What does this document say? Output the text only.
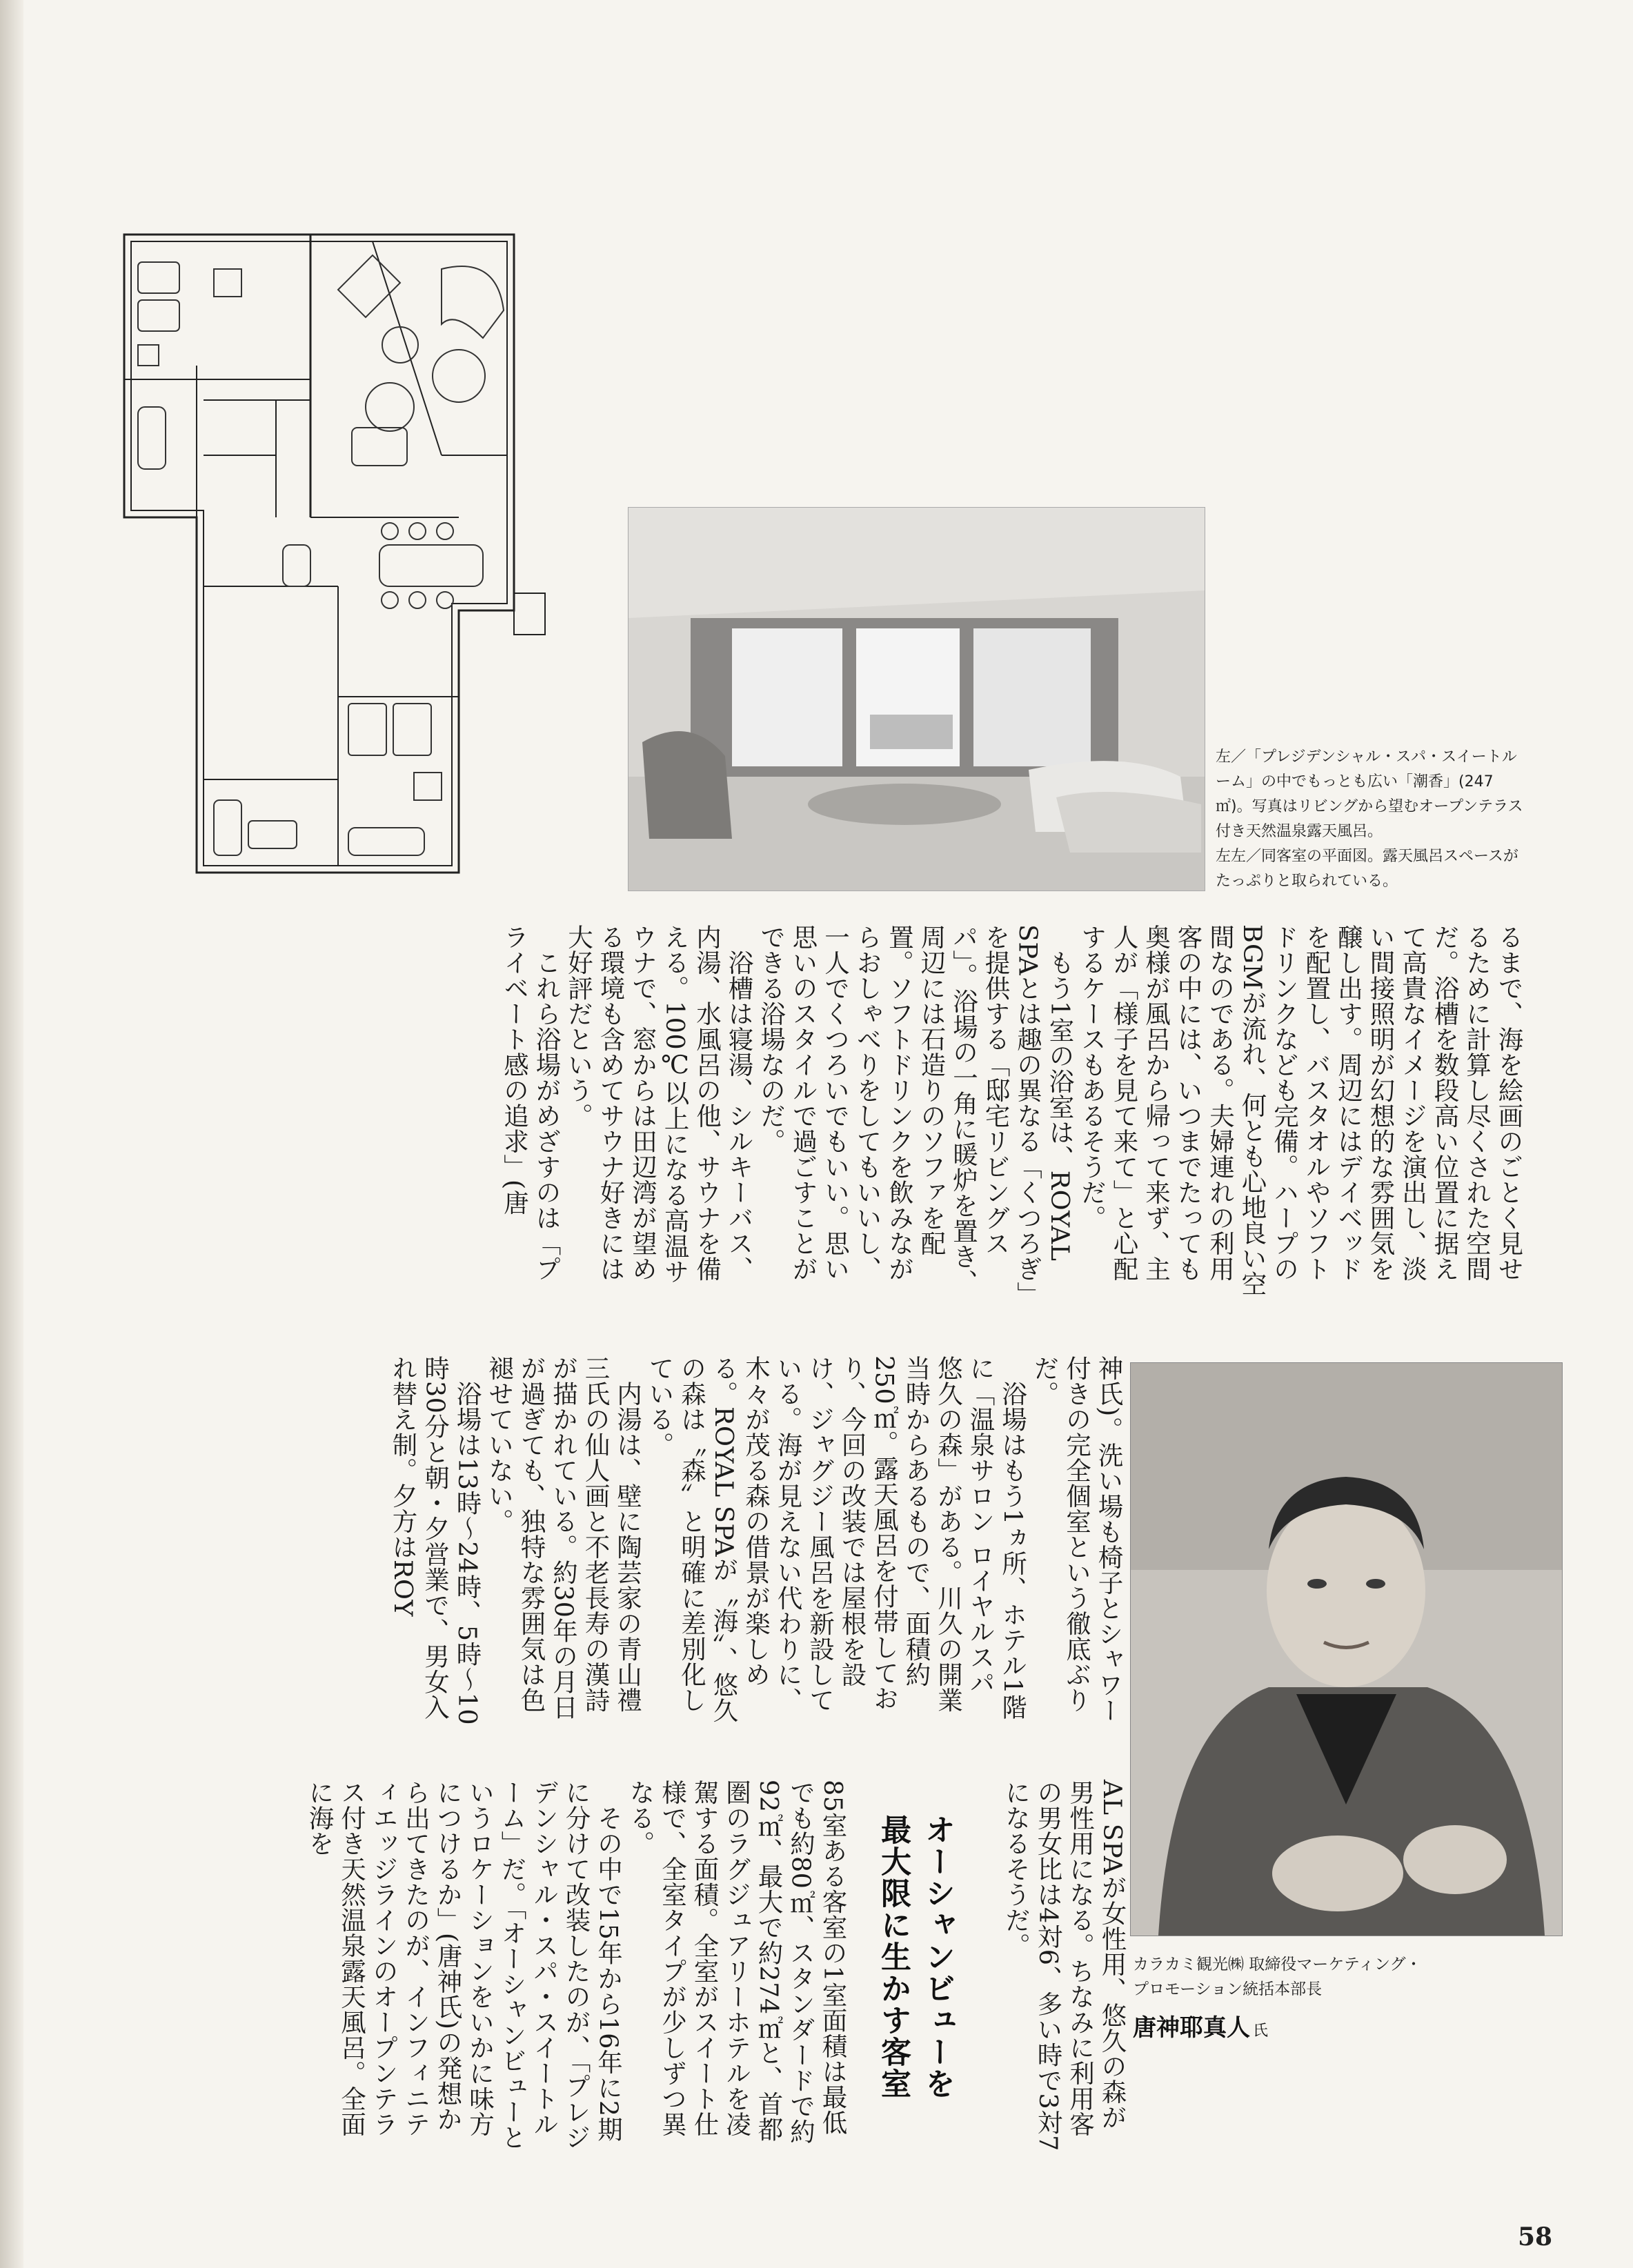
左／「プレジデンシャル・スパ・スイートルーム」の中でもっとも広い「潮香」(247㎡)。写真はリビングから望むオープンテラス付き天然温泉露天風呂。

左左／同客室の平面図。露天風呂スペースがたっぷりと取られている。

るまで、海を絵画のごとく見せるために計算し尽くされた空間だ。浴槽を数段高い位置に据えて高貴なイメージを演出し、淡い間接照明が幻想的な雰囲気を醸し出す。周辺にはデイベッドを配置し、バスタオルやソフトドリンクなども完備。ハープのBGMが流れ、何とも心地良い空間なのである。夫婦連れの利用客の中には、いつまでたっても奥様が風呂から帰って来ず、主人が「様子を見て来て」と心配するケースもあるそうだ。

もう1室の浴室は、ROYAL SPAとは趣の異なる「くつろぎ」を提供する「邸宅リビングスパ」。浴場の一角に暖炉を置き、周辺には石造りのソファを配置。ソフトドリンクを飲みながらおしゃべりをしてもいいし、一人でくつろいでもいい。思い思いのスタイルで過ごすことができる浴場なのだ。

浴槽は寝湯、シルキーバス、内湯、水風呂の他、サウナを備える。100℃以上になる高温サウナで、窓からは田辺湾が望める環境も含めてサウナ好きには大好評だという。

これら浴場がめざすのは「プライベート感の追求」(唐

神氏)。洗い場も椅子とシャワー付きの完全個室という徹底ぶりだ。

浴場はもう1ヵ所、ホテル1階に「温泉サロン ロイヤルスパ 悠久の森」がある。川久の開業当時からあるもので、面積約250㎡。露天風呂を付帯しており、今回の改装では屋根を設け、ジャグジー風呂を新設している。海が見えない代わりに、木々が茂る森の借景が楽しめる。ROYAL SPAが〝海〟、悠久の森は〝森〟と明確に差別化している。

内湯は、壁に陶芸家の青山禮三氏の仙人画と不老長寿の漢詩が描かれている。約30年の月日が過ぎても、独特な雰囲気は色褪せていない。

浴場は13時〜24時、5時〜10時30分と朝・夕営業で、男女入れ替え制。夕方はROY

AL SPAが女性用、悠久の森が男性用になる。ちなみに利用客の男女比は4対6、多い時で3対7になるそうだ。

オーシャンビューを
最大限に生かす客室

85室ある客室の1室面積は最低でも約80㎡、スタンダードで約92㎡、最大で約274㎡と、首都圏のラグジュアリーホテルを凌駕する面積。全室がスイート仕様で、全室タイプが少しずつ異なる。

その中で15年から16年に2期に分けて改装したのが、「プレジデンシャル・スパ・スイートルーム」だ。「オーシャンビューというロケーションをいかに味方につけるか」(唐神氏)の発想から出てきたのが、インフィニティエッジラインのオープンテラス付き天然温泉露天風呂。全面に海を

カラカミ観光㈱ 取締役マーケティング・
プロモーション統括本部長
唐神耶真人 氏
58
